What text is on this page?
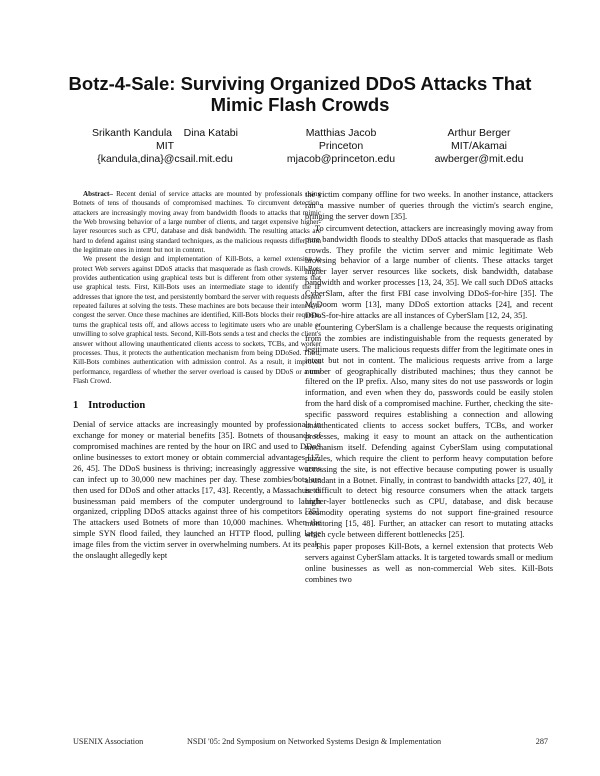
Botz-4-Sale: Surviving Organized DDoS Attacks That
Mimic Flash Crowds
Srikanth Kandula    Dina Katabi
MIT
{kandula,dina}@csail.mit.edu
Matthias Jacob
Princeton
mjacob@princeton.edu
Arthur Berger
MIT/Akamai
awberger@mit.edu

Abstract– Recent denial of service attacks are mounted by professionals using Botnets of tens of thousands of compromised machines. To circumvent detection, attackers are increasingly moving away from bandwidth floods to attacks that mimic the Web browsing behavior of a large number of clients, and target expensive higher-layer resources such as CPU, database and disk bandwidth. The resulting attacks are hard to defend against using standard techniques, as the malicious requests differ from the legitimate ones in intent but not in content.

We present the design and implementation of Kill-Bots, a kernel extension to protect Web servers against DDoS attacks that masquerade as flash crowds. Kill-Bots provides authentication using graphical tests but is different from other systems that use graphical tests. First, Kill-Bots uses an intermediate stage to identify the IP addresses that ignore the test, and persistently bombard the server with requests despite repeated failures at solving the tests. These machines are bots because their intent is to congest the server. Once these machines are identified, Kill-Bots blocks their requests, turns the graphical tests off, and allows access to legitimate users who are unable or unwilling to solve graphical tests. Second, Kill-Bots sends a test and checks the client's answer without allowing unauthenticated clients access to sockets, TCBs, and worker processes. Thus, it protects the authentication mechanism from being DDoSed. Third, Kill-Bots combines authentication with admission control. As a result, it improves performance, regardless of whether the server overload is caused by DDoS or a true Flash Crowd.

1 Introduction

Denial of service attacks are increasingly mounted by professionals in exchange for money or material benefits [35]. Botnets of thousands of compromised machines are rented by the hour on IRC and used to DDoS online businesses to extort money or obtain commercial advantages [17, 26, 45]. The DDoS business is thriving; increasingly aggressive worms can infect up to 30,000 new machines per day. These zombies/bots are then used for DDoS and other attacks [17, 43]. Recently, a Massachusetts businessman paid members of the computer underground to launch organized, crippling DDoS attacks against three of his competitors [35]. The attackers used Botnets of more than 10,000 machines. When the simple SYN flood failed, they launched an HTTP flood, pulling large image files from the victim server in overwhelming numbers. At its peak, the onslaught allegedly kept

the victim company offline for two weeks. In another instance, attackers ran a massive number of queries through the victim's search engine, bringing the server down [35].

To circumvent detection, attackers are increasingly moving away from pure bandwidth floods to stealthy DDoS attacks that masquerade as flash crowds. They profile the victim server and mimic legitimate Web browsing behavior of a large number of clients. These attacks target higher layer server resources like sockets, disk bandwidth, database bandwidth and worker processes [13, 24, 35]. We call such DDoS attacks CyberSlam, after the first FBI case involving DDoS-for-hire [35]. The MyDoom worm [13], many DDoS extortion attacks [24], and recent DDoS-for-hire attacks are all instances of CyberSlam [12, 24, 35].

Countering CyberSlam is a challenge because the requests originating from the zombies are indistinguishable from the requests generated by legitimate users. The malicious requests differ from the legitimate ones in intent but not in content. The malicious requests arrive from a large number of geographically distributed machines; thus they cannot be filtered on the IP prefix. Also, many sites do not use passwords or login information, and even when they do, passwords could be easily stolen from the hard disk of a compromised machine. Further, checking the site-specific password requires establishing a connection and allowing unauthenticated clients to access socket buffers, TCBs, and worker processes, making it easy to mount an attack on the authentication mechanism itself. Defending against CyberSlam using computational puzzles, which require the client to perform heavy computation before accessing the site, is not effective because computing power is usually abundant in a Botnet. Finally, in contrast to bandwidth attacks [27, 40], it is difficult to detect big resource consumers when the attack targets higher-layer bottlenecks such as CPU, database, and disk because commodity operating systems do not support fine-grained resource monitoring [15, 48]. Further, an attacker can resort to mutating attacks which cycle between different bottlenecks [25].

This paper proposes Kill-Bots, a kernel extension that protects Web servers against CyberSlam attacks. It is targeted towards small or medium online businesses as well as non-commercial Web sites. Kill-Bots combines two

USENIX Association	NSDI '05: 2nd Symposium on Networked Systems Design & Implementation	287
